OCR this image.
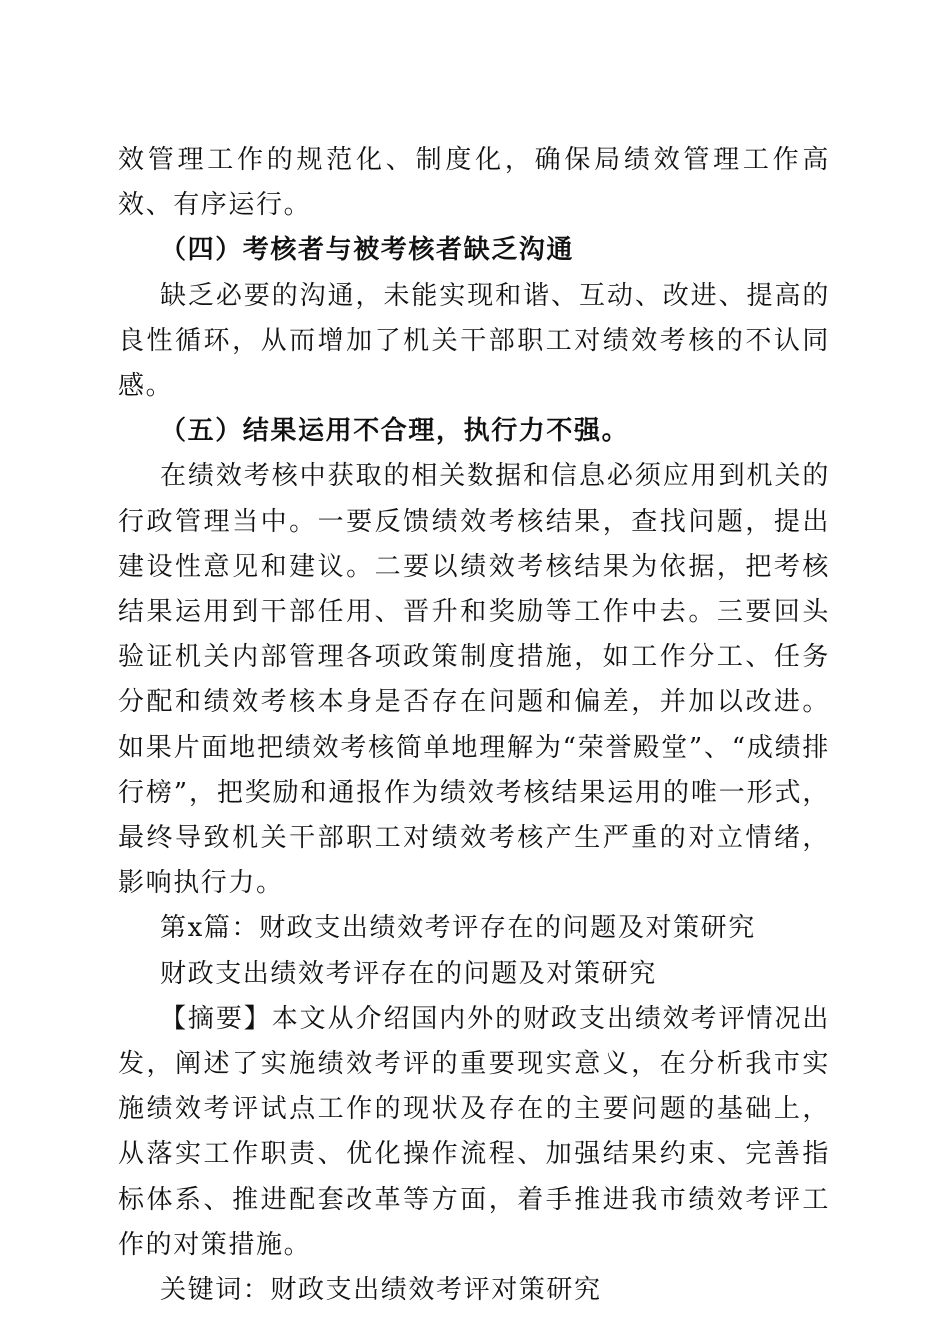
效管理工作的规范化、制度化，确保局绩效管理工作高效、有序运行。

（四）考核者与被考核者缺乏沟通

缺乏必要的沟通，未能实现和谐、互动、改进、提高的良性循环，从而增加了机关干部职工对绩效考核的不认同感。

（五）结果运用不合理，执行力不强。

在绩效考核中获取的相关数据和信息必须应用到机关的行政管理当中。一要反馈绩效考核结果，查找问题，提出建设性意见和建议。二要以绩效考核结果为依据，把考核结果运用到干部任用、晋升和奖励等工作中去。三要回头验证机关内部管理各项政策制度措施，如工作分工、任务分配和绩效考核本身是否存在问题和偏差，并加以改进。如果片面地把绩效考核简单地理解为“荣誉殿堂”、“成绩排行榜”，把奖励和通报作为绩效考核结果运用的唯一形式，最终导致机关干部职工对绩效考核产生严重的对立情绪，影响执行力。

第x篇：财政支出绩效考评存在的问题及对策研究

财政支出绩效考评存在的问题及对策研究

【摘要】本文从介绍国内外的财政支出绩效考评情况出发，阐述了实施绩效考评的重要现实意义，在分析我市实施绩效考评试点工作的现状及存在的主要问题的基础上，从落实工作职责、优化操作流程、加强结果约束、完善指标体系、推进配套改革等方面，着手推进我市绩效考评工作的对策措施。

关键词：财政支出绩效考评对策研究
